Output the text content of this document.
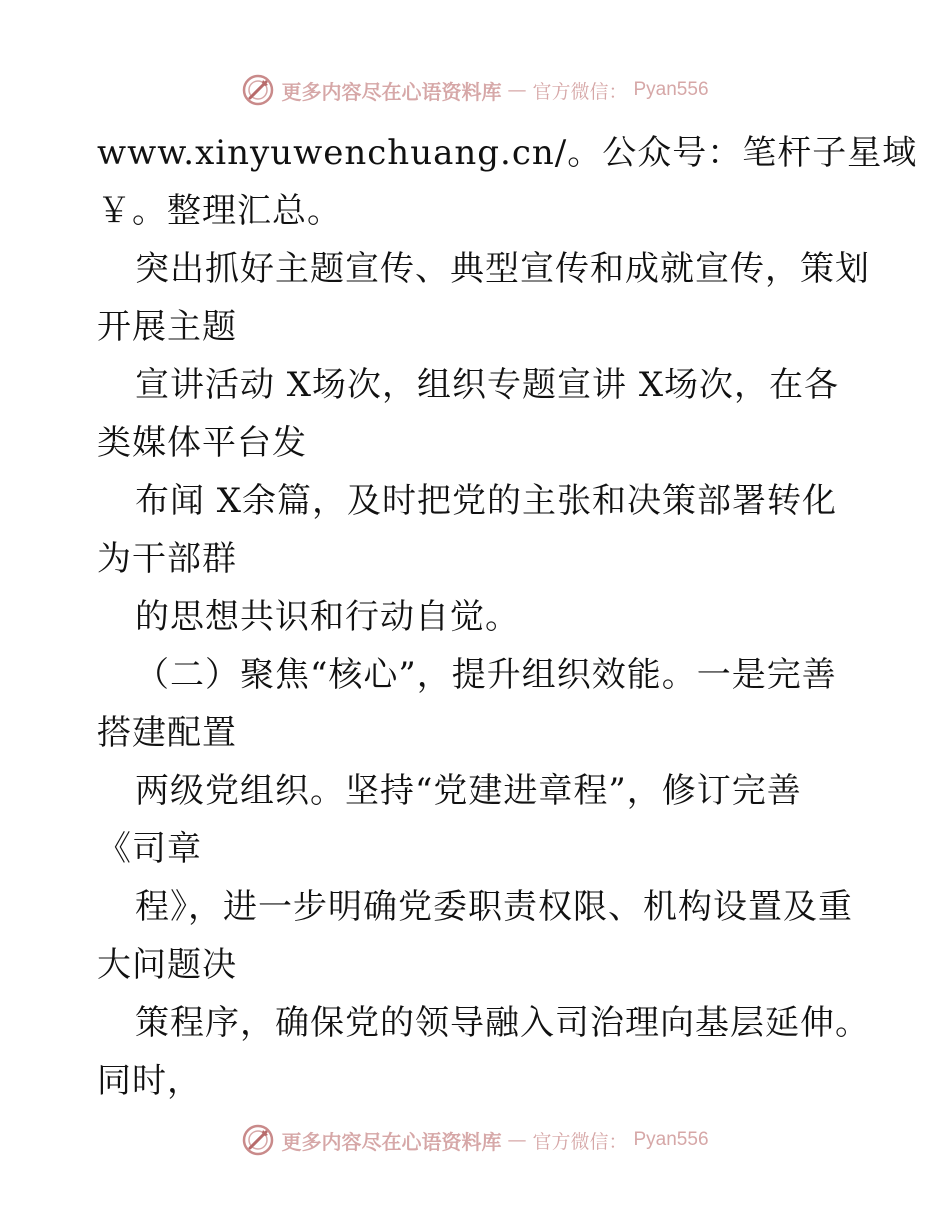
更多内容尽在心语资料库 — 官方微信： Pyan556
www.xinyuwenchuang.cn/。公众号：笔杆子星域
￥。整理汇总。
突出抓好主题宣传、典型宣传和成就宣传，策划
开展主题
宣讲活动 X场次，组织专题宣讲 X场次，在各
类媒体平台发
布闻 X余篇，及时把党的主张和决策部署转化
为干部群
的思想共识和行动自觉。
（二）聚焦“核心”，提升组织效能。一是完善
搭建配置
两级党组织。坚持“党建进章程”，修订完善
《司章
程》，进一步明确党委职责权限、机构设置及重
大问题决
策程序，确保党的领导融入司治理向基层延伸。
同时，
更多内容尽在心语资料库 — 官方微信： Pyan556
